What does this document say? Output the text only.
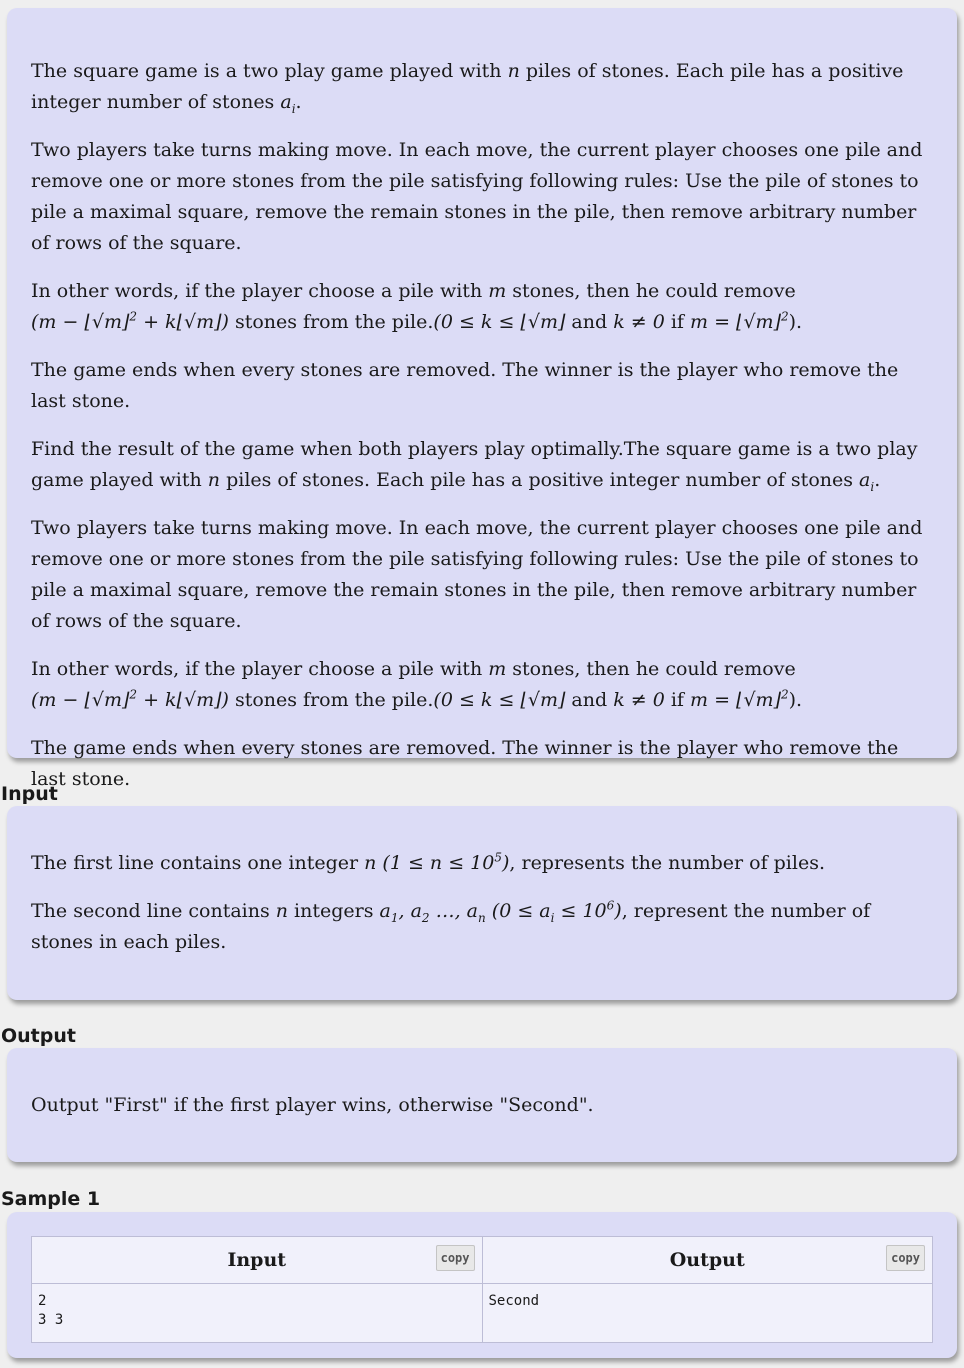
The square game is a two play game played with n piles of stones. Each pile has a positive integer number of stones $a_i$.

Two players take turns making move. In each move, the current player chooses one pile and remove one or more stones from the pile satisfying following rules: Use the pile of stones to pile a maximal square, remove the remain stones in the pile, then remove arbitrary number of rows of the square.

In other words, if the player choose a pile with m stones, then he could remove
(m − ⌊√m⌋$^2$ + k⌊√m⌋) stones from the pile.(0 ≤ k ≤ ⌊√m⌋ and k ≠ 0 if m = ⌊√m⌋$^2$).

The game ends when every stones are removed. The winner is the player who remove the last stone.

Find the result of the game when both players play optimally.The square game is a two play game played with n piles of stones. Each pile has a positive integer number of stones $a_i$.

Two players take turns making move. In each move, the current player chooses one pile and remove one or more stones from the pile satisfying following rules: Use the pile of stones to pile a maximal square, remove the remain stones in the pile, then remove arbitrary number of rows of the square.

In other words, if the player choose a pile with m stones, then he could remove
(m − ⌊√m⌋$^2$ + k⌊√m⌋) stones from the pile.(0 ≤ k ≤ ⌊√m⌋ and k ≠ 0 if m = ⌊√m⌋$^2$).

The game ends when every stones are removed. The winner is the player who remove the last stone.

Input

The first line contains one integer n $(1 \le n \le 10^5)$, represents the number of piles.

The second line contains n integers $a_1$, $a_2$ …, $a_n$ $(0 \le a_i \le 10^6)$, represent the number of stones in each piles.

Output

Output "First" if the first player wins, otherwise "Second".

Sample 1
Input copy	Output copy

2
3 3	Second
